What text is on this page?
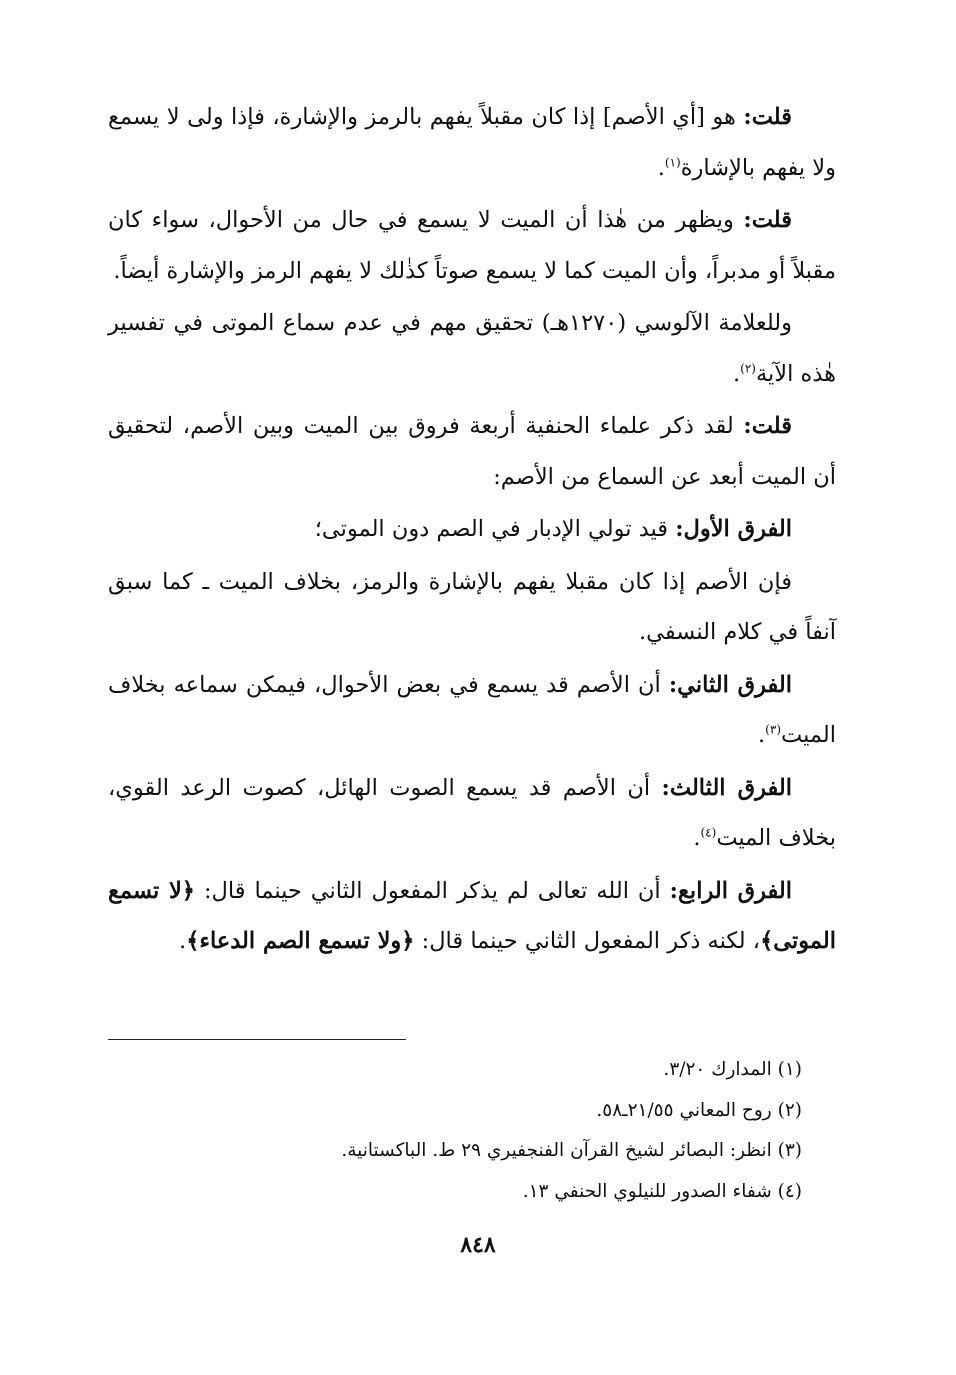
قلت: هو [أي الأصم] إذا كان مقبلاً يفهم بالرمز والإشارة، فإذا ولى لا يسمع ولا يفهم بالإشارة$^{(١)}$.

قلت: ويظهر من هٰذا أن الميت لا يسمع في حال من الأحوال، سواء كان مقبلاً أو مدبراً، وأن الميت كما لا يسمع صوتاً كذٰلك لا يفهم الرمز والإشارة أيضاً.

وللعلامة الآلوسي (١٢٧٠هـ) تحقيق مهم في عدم سماع الموتى في تفسير هٰذه الآية$^{(٢)}$.

قلت: لقد ذكر علماء الحنفية أربعة فروق بين الميت وبين الأصم، لتحقيق أن الميت أبعد عن السماع من الأصم:

الفرق الأول: قيد تولي الإدبار في الصم دون الموتى؛

فإن الأصم إذا كان مقبلا يفهم بالإشارة والرمز، بخلاف الميت ـ كما سبق آنفاً في كلام النسفي.

الفرق الثاني: أن الأصم قد يسمع في بعض الأحوال، فيمكن سماعه بخلاف الميت$^{(٣)}$.

الفرق الثالث: أن الأصم قد يسمع الصوت الهائل، كصوت الرعد القوي، بخلاف الميت$^{(٤)}$.

الفرق الرابع: أن الله تعالى لم يذكر المفعول الثاني حينما قال: ﴿لا تسمع الموتى﴾، لكنه ذكر المفعول الثاني حينما قال: ﴿ولا تسمع الصم الدعاء﴾.

(١) المدارك ٣/٢٠.
(٢) روح المعاني ٢١/٥٥ـ٥٨.
(٣) انظر: البصائر لشيخ القرآن الفنجفيري ٢٩ ط. الباكستانية.
(٤) شفاء الصدور للنيلوي الحنفي ١٣.
٨٤٨
